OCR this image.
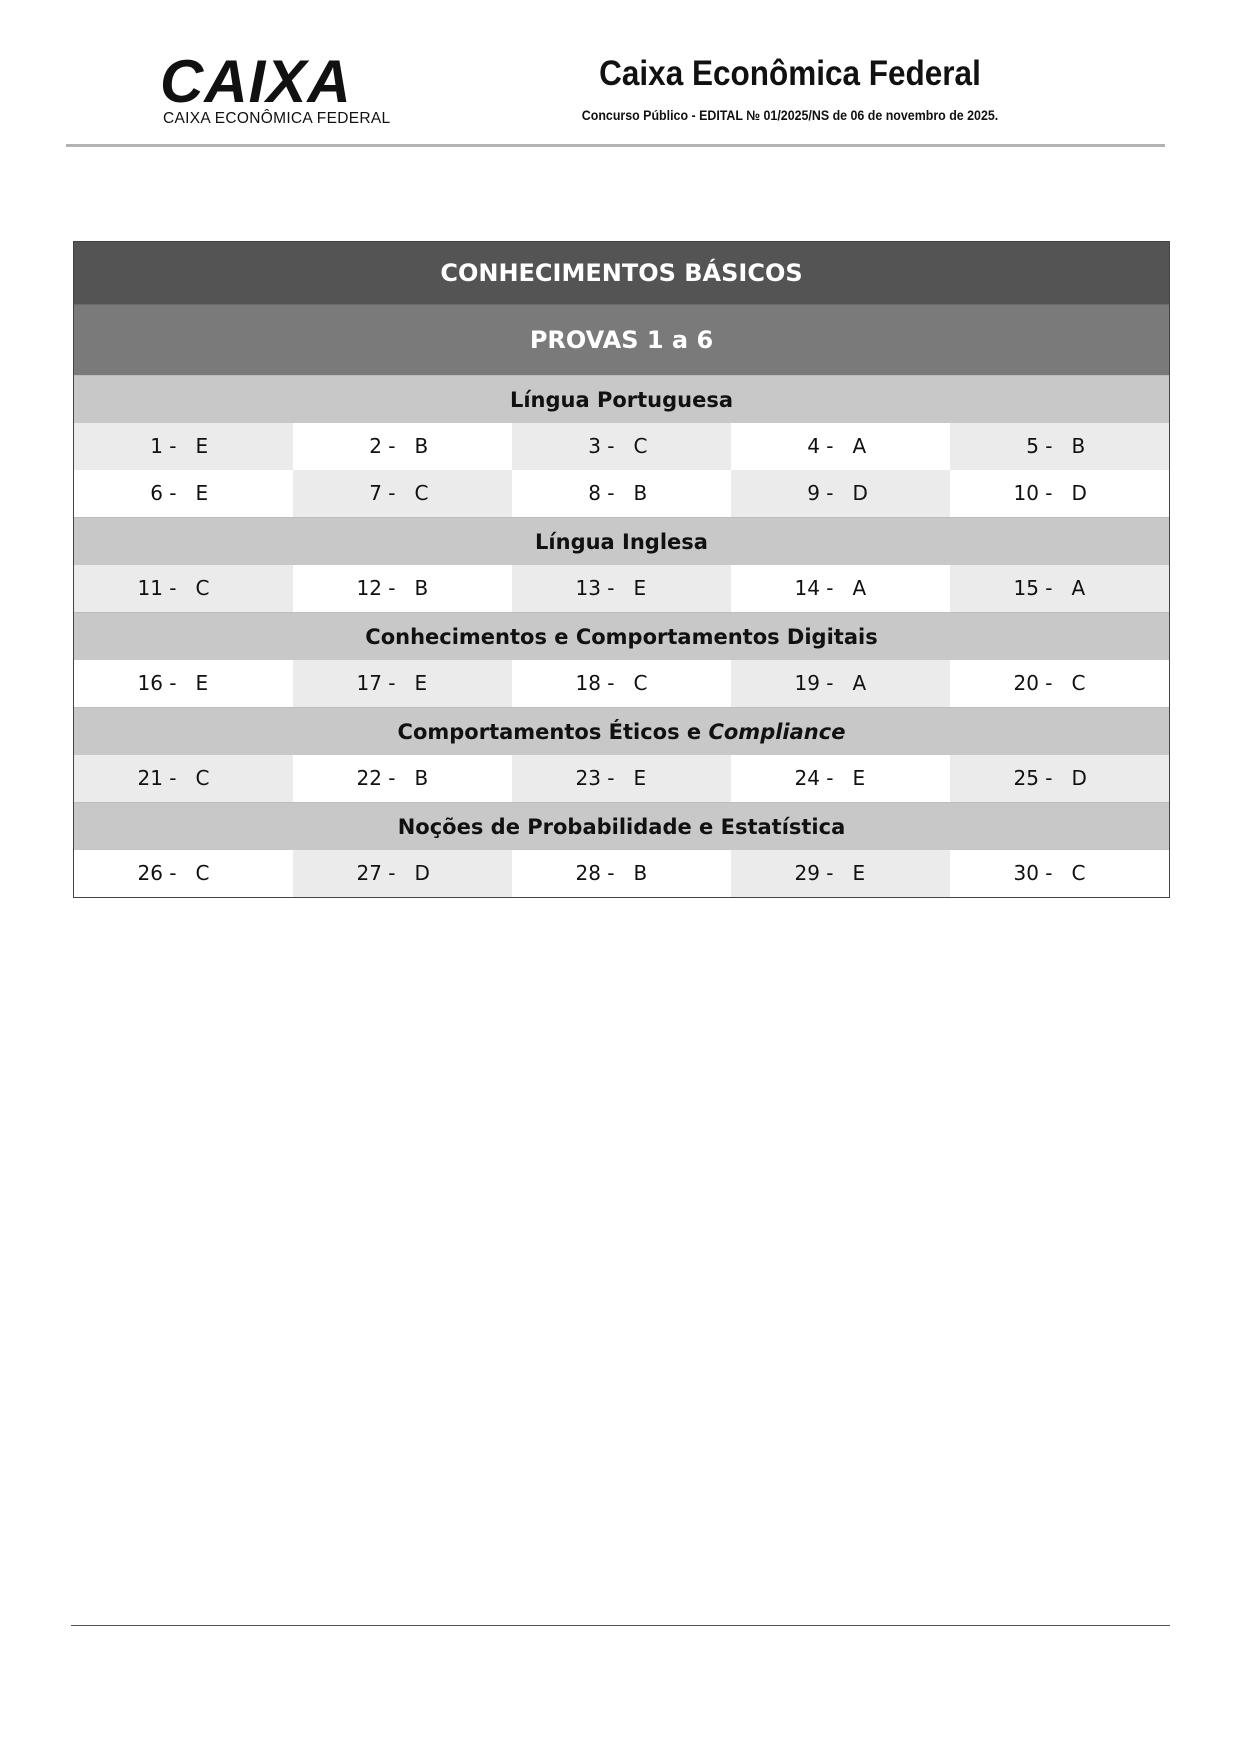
CAIXA
CAIXA ECONÔMICA FEDERAL
Caixa Econômica Federal
Concurso Público - EDITAL № 01/2025/NS de 06 de novembro de 2025.
CONHECIMENTOS BÁSICOS
PROVAS 1 a 6
Língua Portuguesa
1 - E	2 - B	3 - C	4 - A	5 - B
6 - E	7 - C	8 - B	9 - D	10 - D
Língua Inglesa
11 - C	12 - B	13 - E	14 - A	15 - A
Conhecimentos e Comportamentos Digitais
16 - E	17 - E	18 - C	19 - A	20 - C
Comportamentos Éticos e Compliance
21 - C	22 - B	23 - E	24 - E	25 - D
Noções de Probabilidade e Estatística
26 - C	27 - D	28 - B	29 - E	30 - C
